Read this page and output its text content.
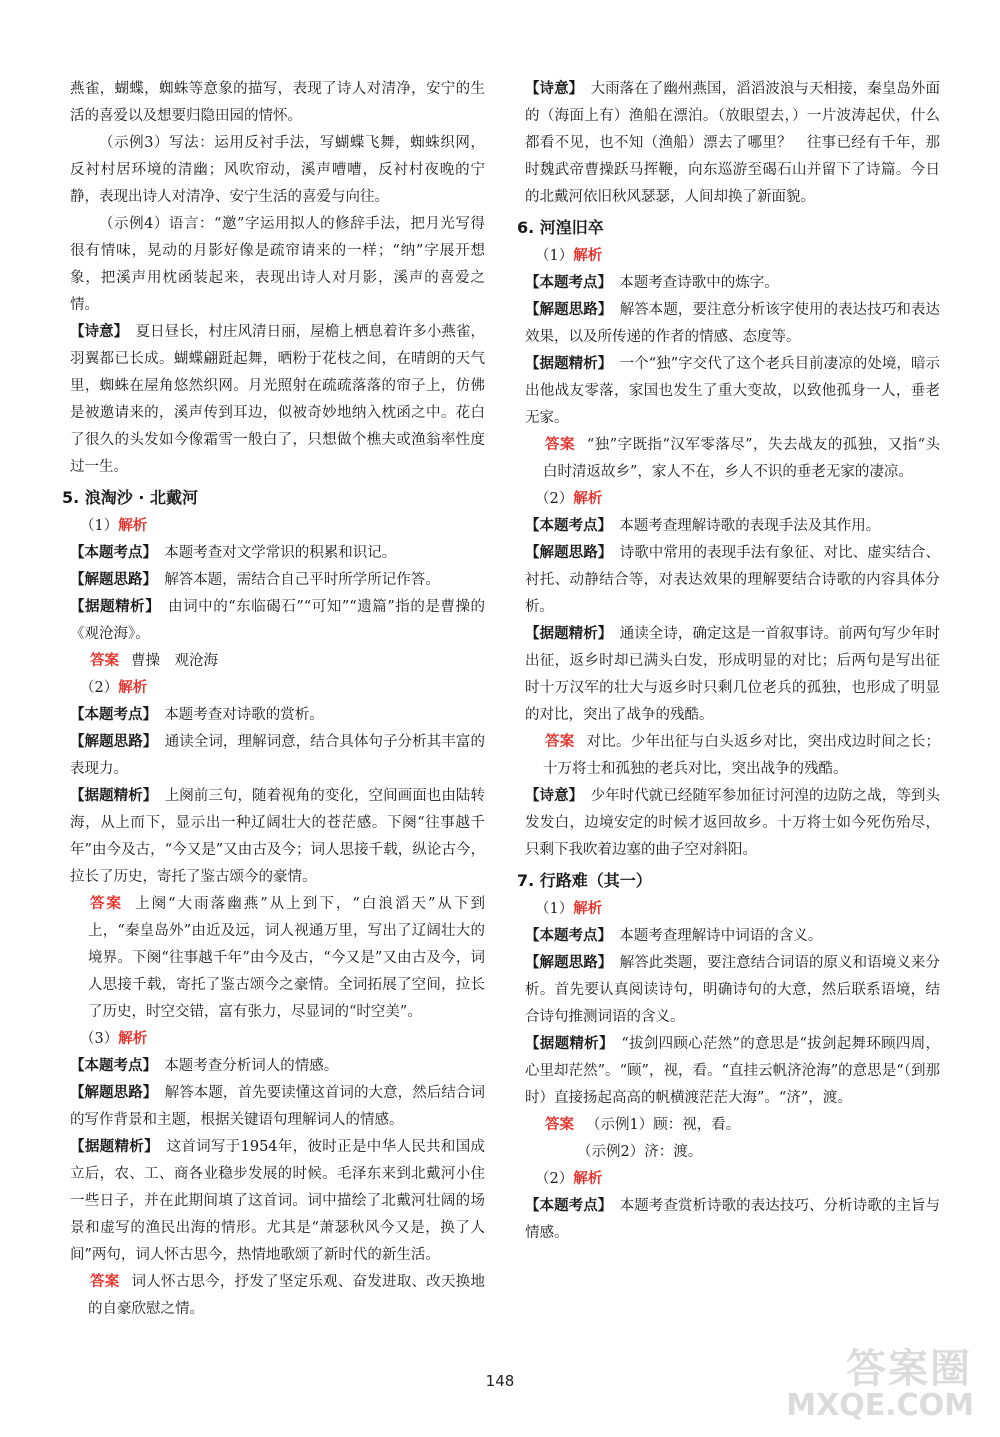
燕雀，蝴蝶，蜘蛛等意象的描写，表现了诗人对清净，安宁的生活的喜爱以及想要归隐田园的情怀。

（示例3）写法：运用反衬手法，写蝴蝶飞舞，蜘蛛织网，反衬村居环境的清幽；风吹帘动，溪声嘈嘈，反衬村夜晚的宁静，表现出诗人对清净、安宁生活的喜爱与向往。

（示例4）语言：“邀”字运用拟人的修辞手法，把月光写得很有情味，晃动的月影好像是疏帘请来的一样；“纳”字展开想象，把溪声用枕函装起来，表现出诗人对月影，溪声的喜爱之情。

【诗意】　 夏日昼长，村庄风清日丽，屋檐上栖息着许多小燕雀，羽翼都已长成。蝴蝶翩跹起舞，晒粉于花枝之间，在晴朗的天气里，蜘蛛在屋角悠然织网。月光照射在疏疏落落的帘子上，仿佛是被邀请来的，溪声传到耳边，似被奇妙地纳入枕函之中。花白了很久的头发如今像霜雪一般白了，只想做个樵夫或渔翁率性度过一生。

5. 浪淘沙 · 北戴河

（1）解析

【本题考点】　 本题考查对文学常识的积累和识记。

【解题思路】　 解答本题，需结合自己平时所学所记作答。

【据题精析】　 由词中的“东临碣石”“可知”“遗篇”指的是曹操的《观沧海》。

答案 曹操　观沧海

（2）解析

【本题考点】　 本题考查对诗歌的赏析。

【解题思路】　 通读全词，理解词意，结合具体句子分析其丰富的表现力。

【据题精析】　 上阕前三句，随着视角的变化，空间画面也由陆转海，从上而下，显示出一种辽阔壮大的苍茫感。下阕“往事越千年”由今及古，“今又是”又由古及今；词人思接千载，纵论古今，拉长了历史，寄托了鉴古颂今的豪情。

答案 上阕“大雨落幽燕”从上到下，“白浪滔天”从下到上，“秦皇岛外”由近及远，词人视通万里，写出了辽阔壮大的境界。下阕“往事越千年”由今及古，“今又是”又由古及今，词人思接千载，寄托了鉴古颂今之豪情。全词拓展了空间，拉长了历史，时空交错，富有张力，尽显词的“时空美”。

（3）解析

【本题考点】　 本题考查分析词人的情感。

【解题思路】　 解答本题，首先要读懂这首词的大意，然后结合词的写作背景和主题，根据关键语句理解词人的情感。

【据题精析】　 这首词写于1954年，彼时正是中华人民共和国成立后，农、工、商各业稳步发展的时候。毛泽东来到北戴河小住一些日子，并在此期间填了这首词。词中描绘了北戴河壮阔的场景和虚写的渔民出海的情形。尤其是“萧瑟秋风今又是，换了人间”两句，词人怀古思今，热情地歌颂了新时代的新生活。

答案 词人怀古思今，抒发了坚定乐观、奋发进取、改天换地的自豪欣慰之情。

【诗意】　 大雨落在了幽州燕国，滔滔波浪与天相接，秦皇岛外面的（海面上有）渔船在漂泊。（放眼望去，）一片波涛起伏，什么都看不见，也不知（渔船）漂去了哪里？　往事已经有千年，那时魏武帝曹操跃马挥鞭，向东巡游至碣石山并留下了诗篇。今日的北戴河依旧秋风瑟瑟，人间却换了新面貌。

6. 河湟旧卒

（1）解析

【本题考点】　 本题考查诗歌中的炼字。

【解题思路】　 解答本题，要注意分析该字使用的表达技巧和表达效果，以及所传递的作者的情感、态度等。

【据题精析】　 一个“独”字交代了这个老兵目前凄凉的处境，暗示出他战友零落，家国也发生了重大变故，以致他孤身一人，垂老无家。

答案 “独”字既指“汉军零落尽”，失去战友的孤独，又指“头白时清返故乡”，家人不在，乡人不识的垂老无家的凄凉。

（2）解析

【本题考点】　 本题考查理解诗歌的表现手法及其作用。

【解题思路】　 诗歌中常用的表现手法有象征、对比、虚实结合、衬托、动静结合等，对表达效果的理解要结合诗歌的内容具体分析。

【据题精析】　 通读全诗，确定这是一首叙事诗。前两句写少年时出征，返乡时却已满头白发，形成明显的对比；后两句是写出征时十万汉军的壮大与返乡时只剩几位老兵的孤独，也形成了明显的对比，突出了战争的残酷。

答案 对比。少年出征与白头返乡对比，突出戍边时间之长；十万将士和孤独的老兵对比，突出战争的残酷。

【诗意】　 少年时代就已经随军参加征讨河湟的边防之战，等到头发发白，边境安定的时候才返回故乡。十万将士如今死伤殆尽，只剩下我吹着边塞的曲子空对斜阳。

7. 行路难（其一）

（1）解析

【本题考点】　 本题考查理解诗中词语的含义。

【解题思路】　 解答此类题，要注意结合词语的原义和语境义来分析。首先要认真阅读诗句，明确诗句的大意，然后联系语境，结合诗句推测词语的含义。

【据题精析】　 “拔剑四顾心茫然”的意思是“拔剑起舞环顾四周，心里却茫然”。“顾”，视，看。“直挂云帆济沧海”的意思是“（到那时）直接扬起高高的帆横渡茫茫大海”。“济”，渡。

答案 （示例1）顾：视，看。

（示例2）济：渡。

（2）解析

【本题考点】　 本题考查赏析诗歌的表达技巧、分析诗歌的主旨与情感。

148	答案圈
MXQE.COM
